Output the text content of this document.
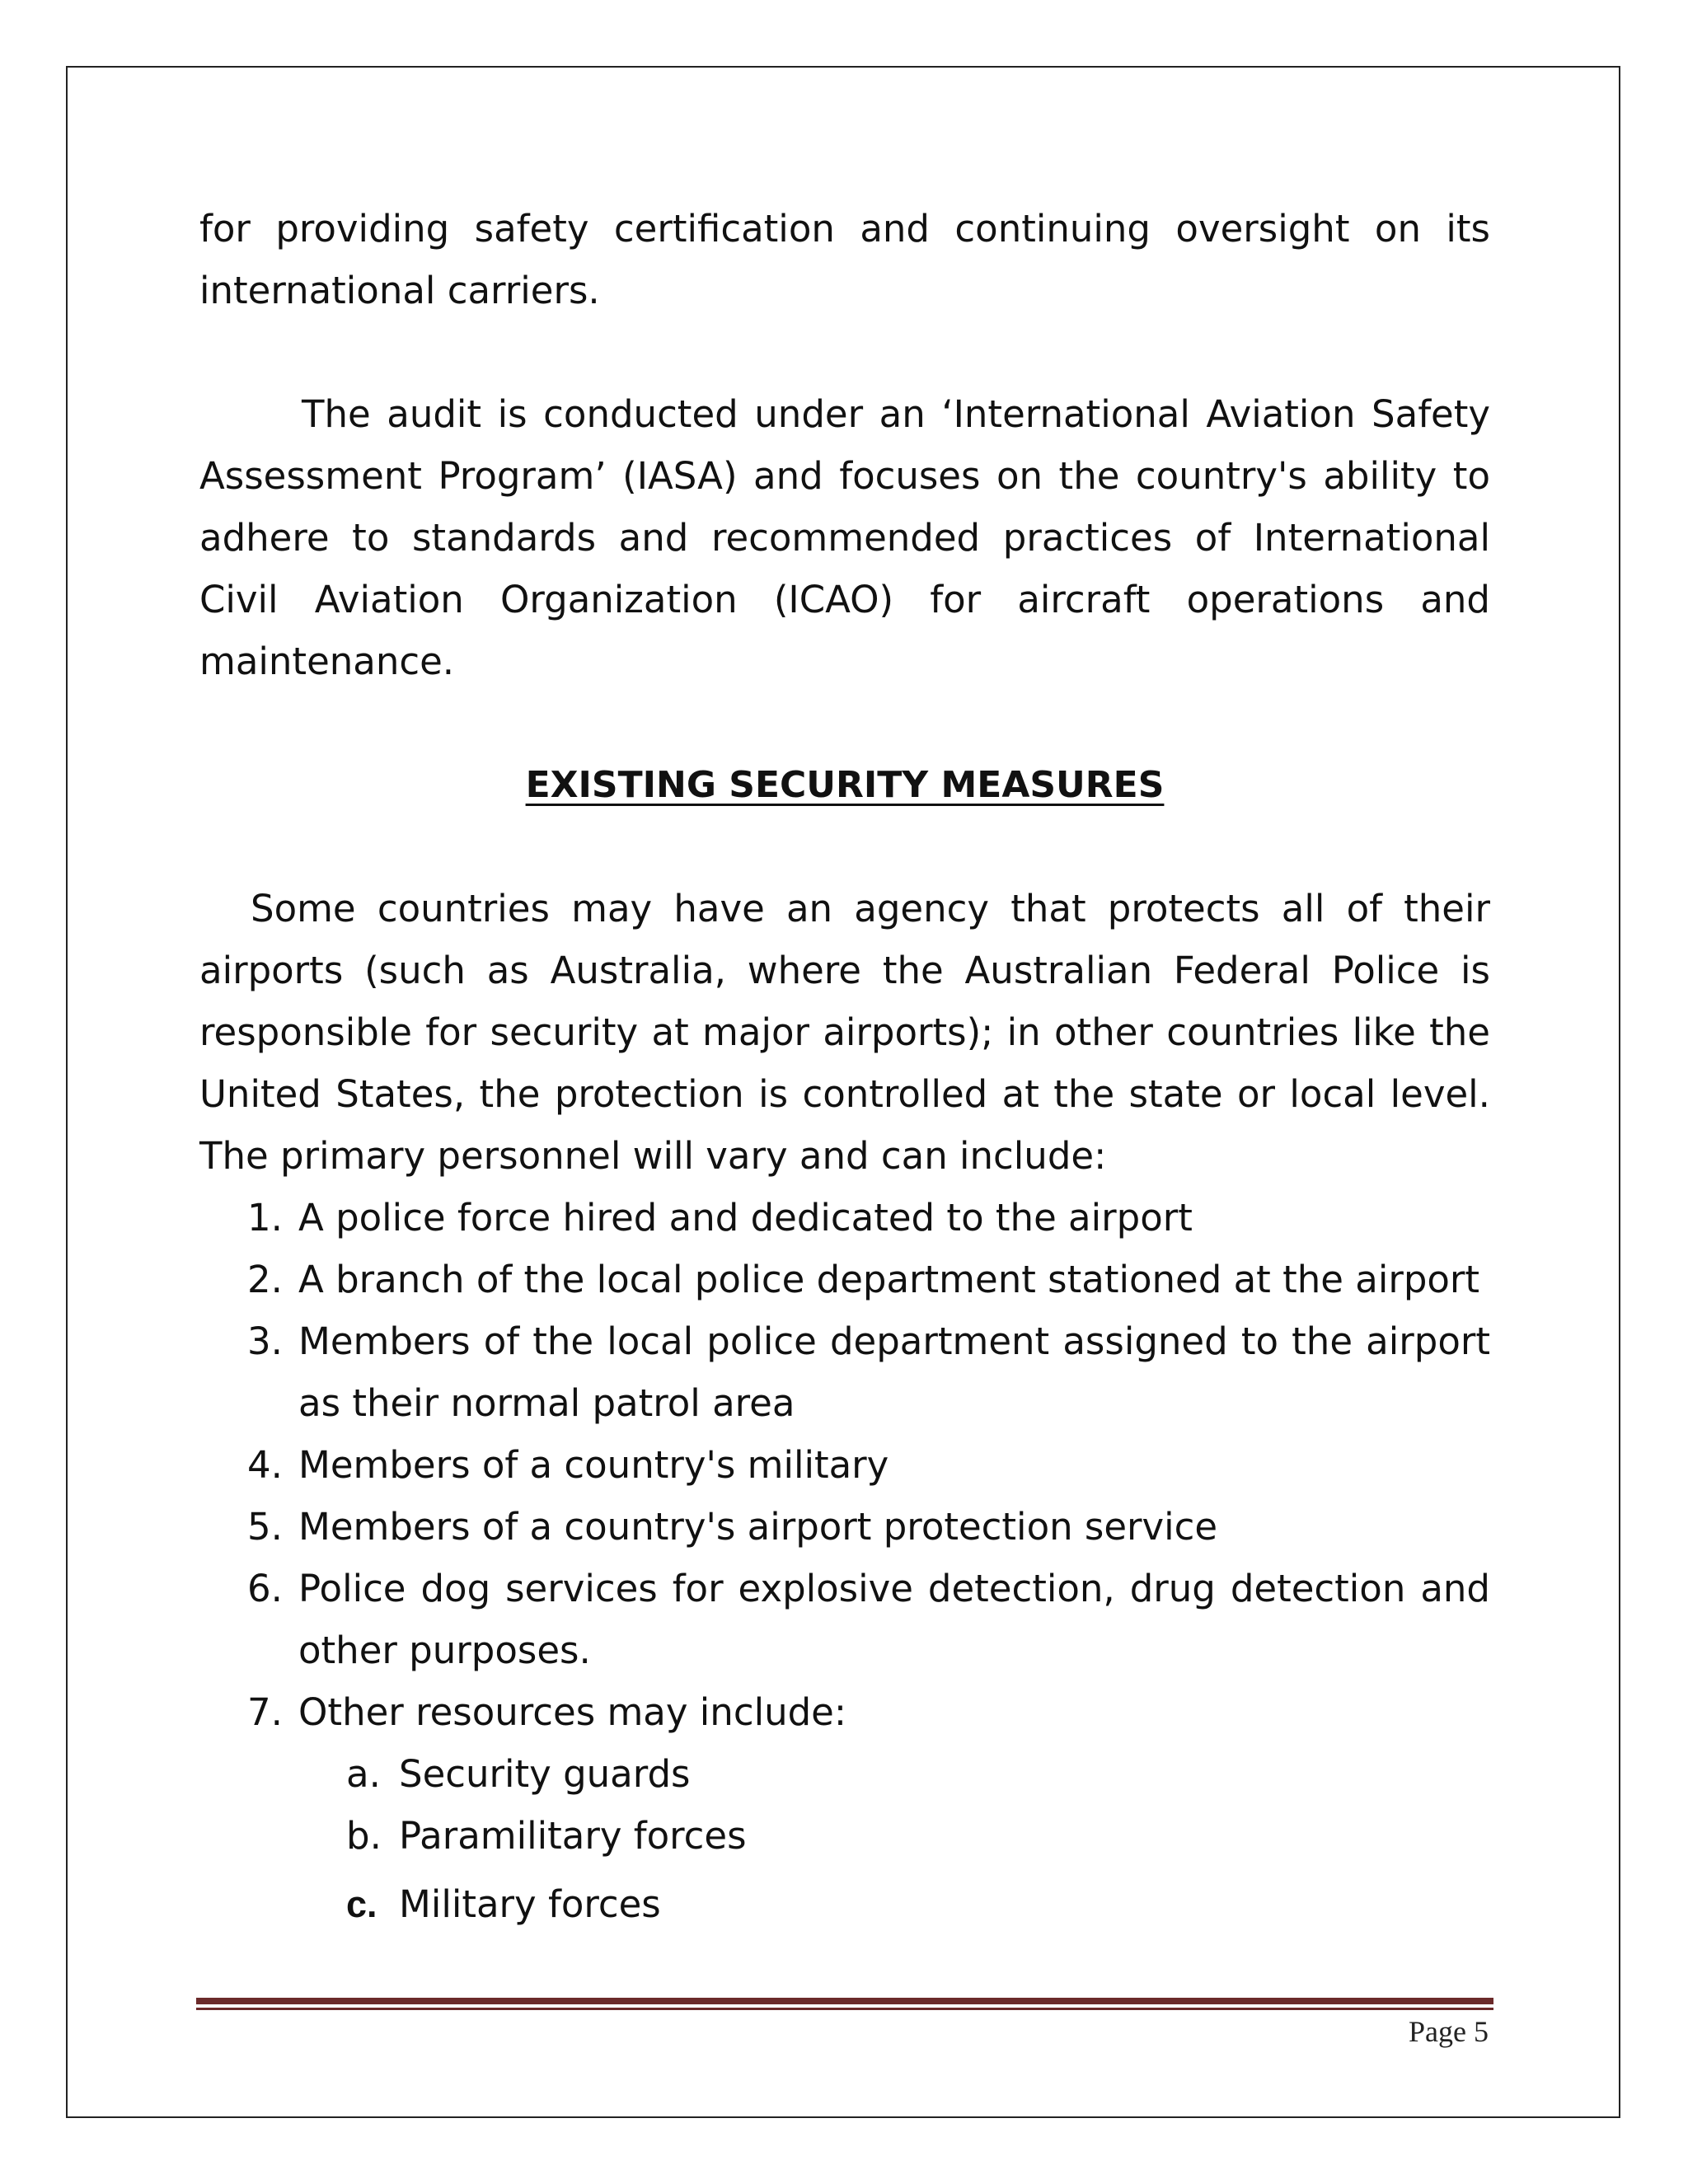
for providing safety certification and continuing oversight on its international carriers.

The audit is conducted under an ‘International Aviation Safety Assessment Program’ (IASA) and focuses on the country's ability to adhere to standards and recommended practices of International Civil Aviation Organization (ICAO) for aircraft operations and maintenance.

EXISTING SECURITY MEASURES

Some countries may have an agency that protects all of their airports (such as Australia, where the Australian Federal Police is responsible for security at major airports); in other countries like the United States, the protection is controlled at the state or local level. The primary personnel will vary and can include:

1. A police force hired and dedicated to the airport
2. A branch of the local police department stationed at the airport
3. Members of the local police department assigned to the airport as their normal patrol area
4. Members of a country's military
5. Members of a country's airport protection service
6. Police dog services for explosive detection, drug detection and other purposes.
7. Other resources may include:
a. Security guards
b. Paramilitary forces
c. Military forces
Page 5
